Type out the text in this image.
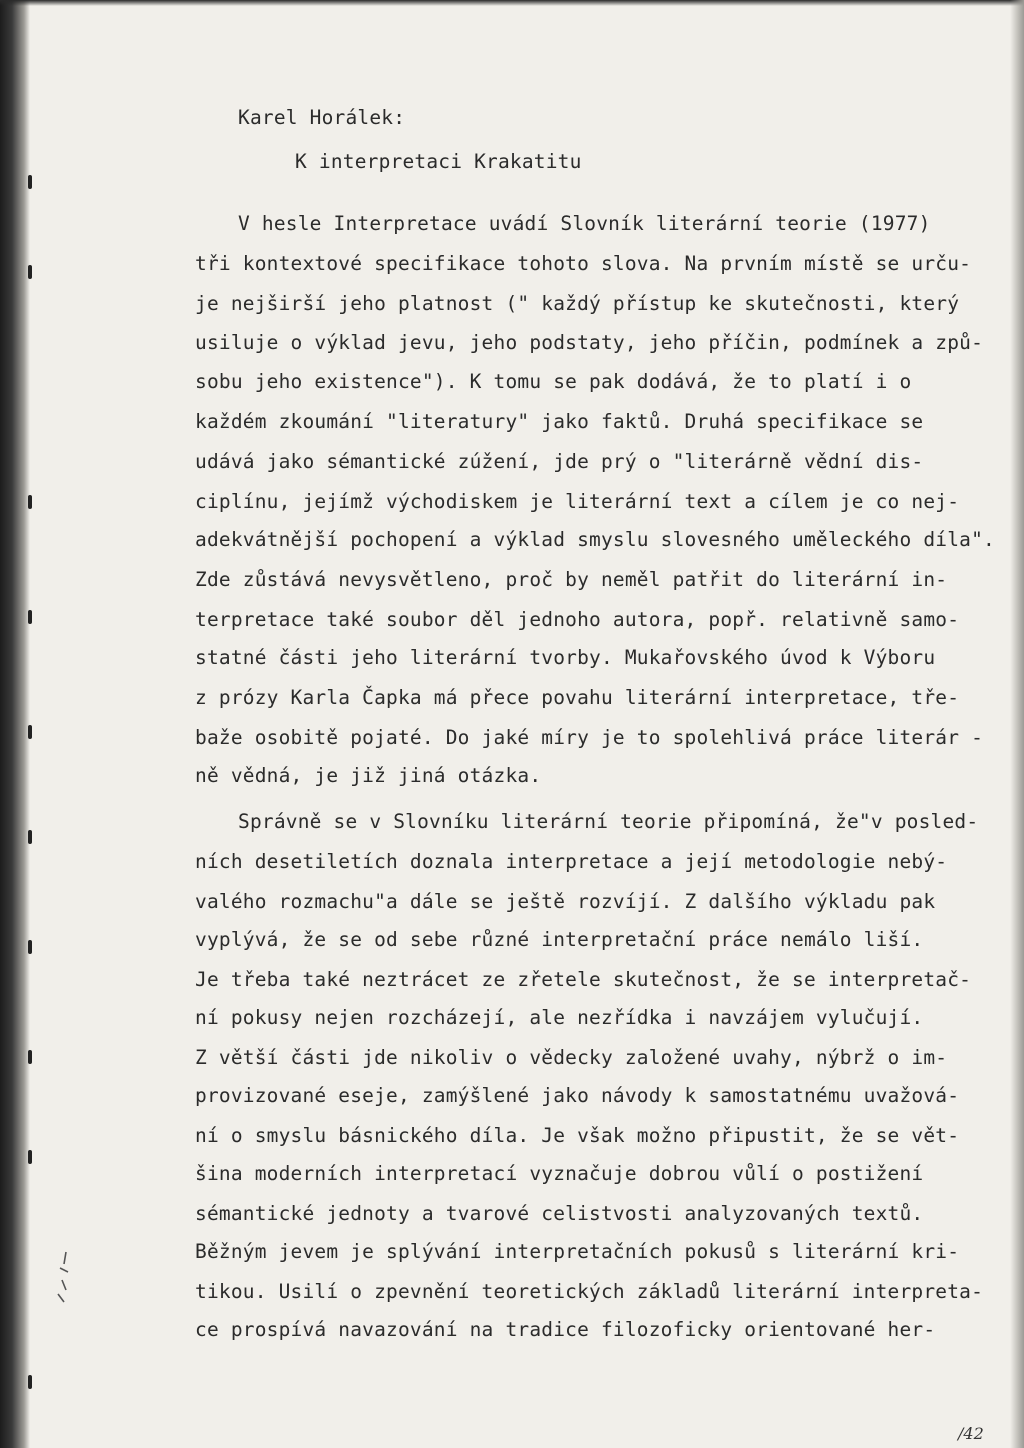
Karel Horálek:
K interpretaci Krakatitu
V hesle Interpretace uvádí Slovník literární teorie (1977)
tři kontextové specifikace tohoto slova. Na prvním místě se urču-
je nejširší jeho platnost (" každý přístup ke skutečnosti, který
usiluje o výklad jevu, jeho podstaty, jeho příčin, podmínek a způ-
sobu jeho existence"). K tomu se pak dodává, že to platí i o
každém zkoumání "literatury" jako faktů. Druhá specifikace se
udává jako sémantické zúžení, jde prý o "literárně vědní dis-
ciplínu, jejímž východiskem je literární text a cílem je co nej-
adekvátnější pochopení a výklad smyslu slovesného uměleckého díla".
Zde zůstává nevysvětleno, proč by neměl patřit do literární in-
terpretace také soubor děl jednoho autora, popř. relativně samo-
statné části jeho literární tvorby. Mukařovského úvod k Výboru
z prózy Karla Čapka má přece povahu literární interpretace, tře-
baže osobitě pojaté. Do jaké míry je to spolehlivá práce literár -
ně vědná, je již jiná otázka.
Správně se v Slovníku literární teorie připomíná, že"v posled-
ních desetiletích doznala interpretace a její metodologie nebý-
valého rozmachu"a dále se ještě rozvíjí. Z dalšího výkladu pak
vyplývá, že se od sebe různé interpretační práce nemálo liší.
Je třeba také neztrácet ze zřetele skutečnost, že se interpretač-
ní pokusy nejen rozcházejí, ale nezřídka i navzájem vylučují.
Z větší části jde nikoliv o vědecky založené uvahy, nýbrž o im-
provizované eseje, zamýšlené jako návody k samostatnému uvažová-
ní o smyslu básnického díla. Je však možno připustit, že se vět-
šina moderních interpretací vyznačuje dobrou vůlí o postižení
sémantické jednoty a tvarové celistvosti analyzovaných textů.
Běžným jevem je splývání interpretačních pokusů s literární kri-
tikou. Usilí o zpevnění teoretických základů literární interpreta-
ce prospívá navazování na tradice filozoficky orientované her-
/42
